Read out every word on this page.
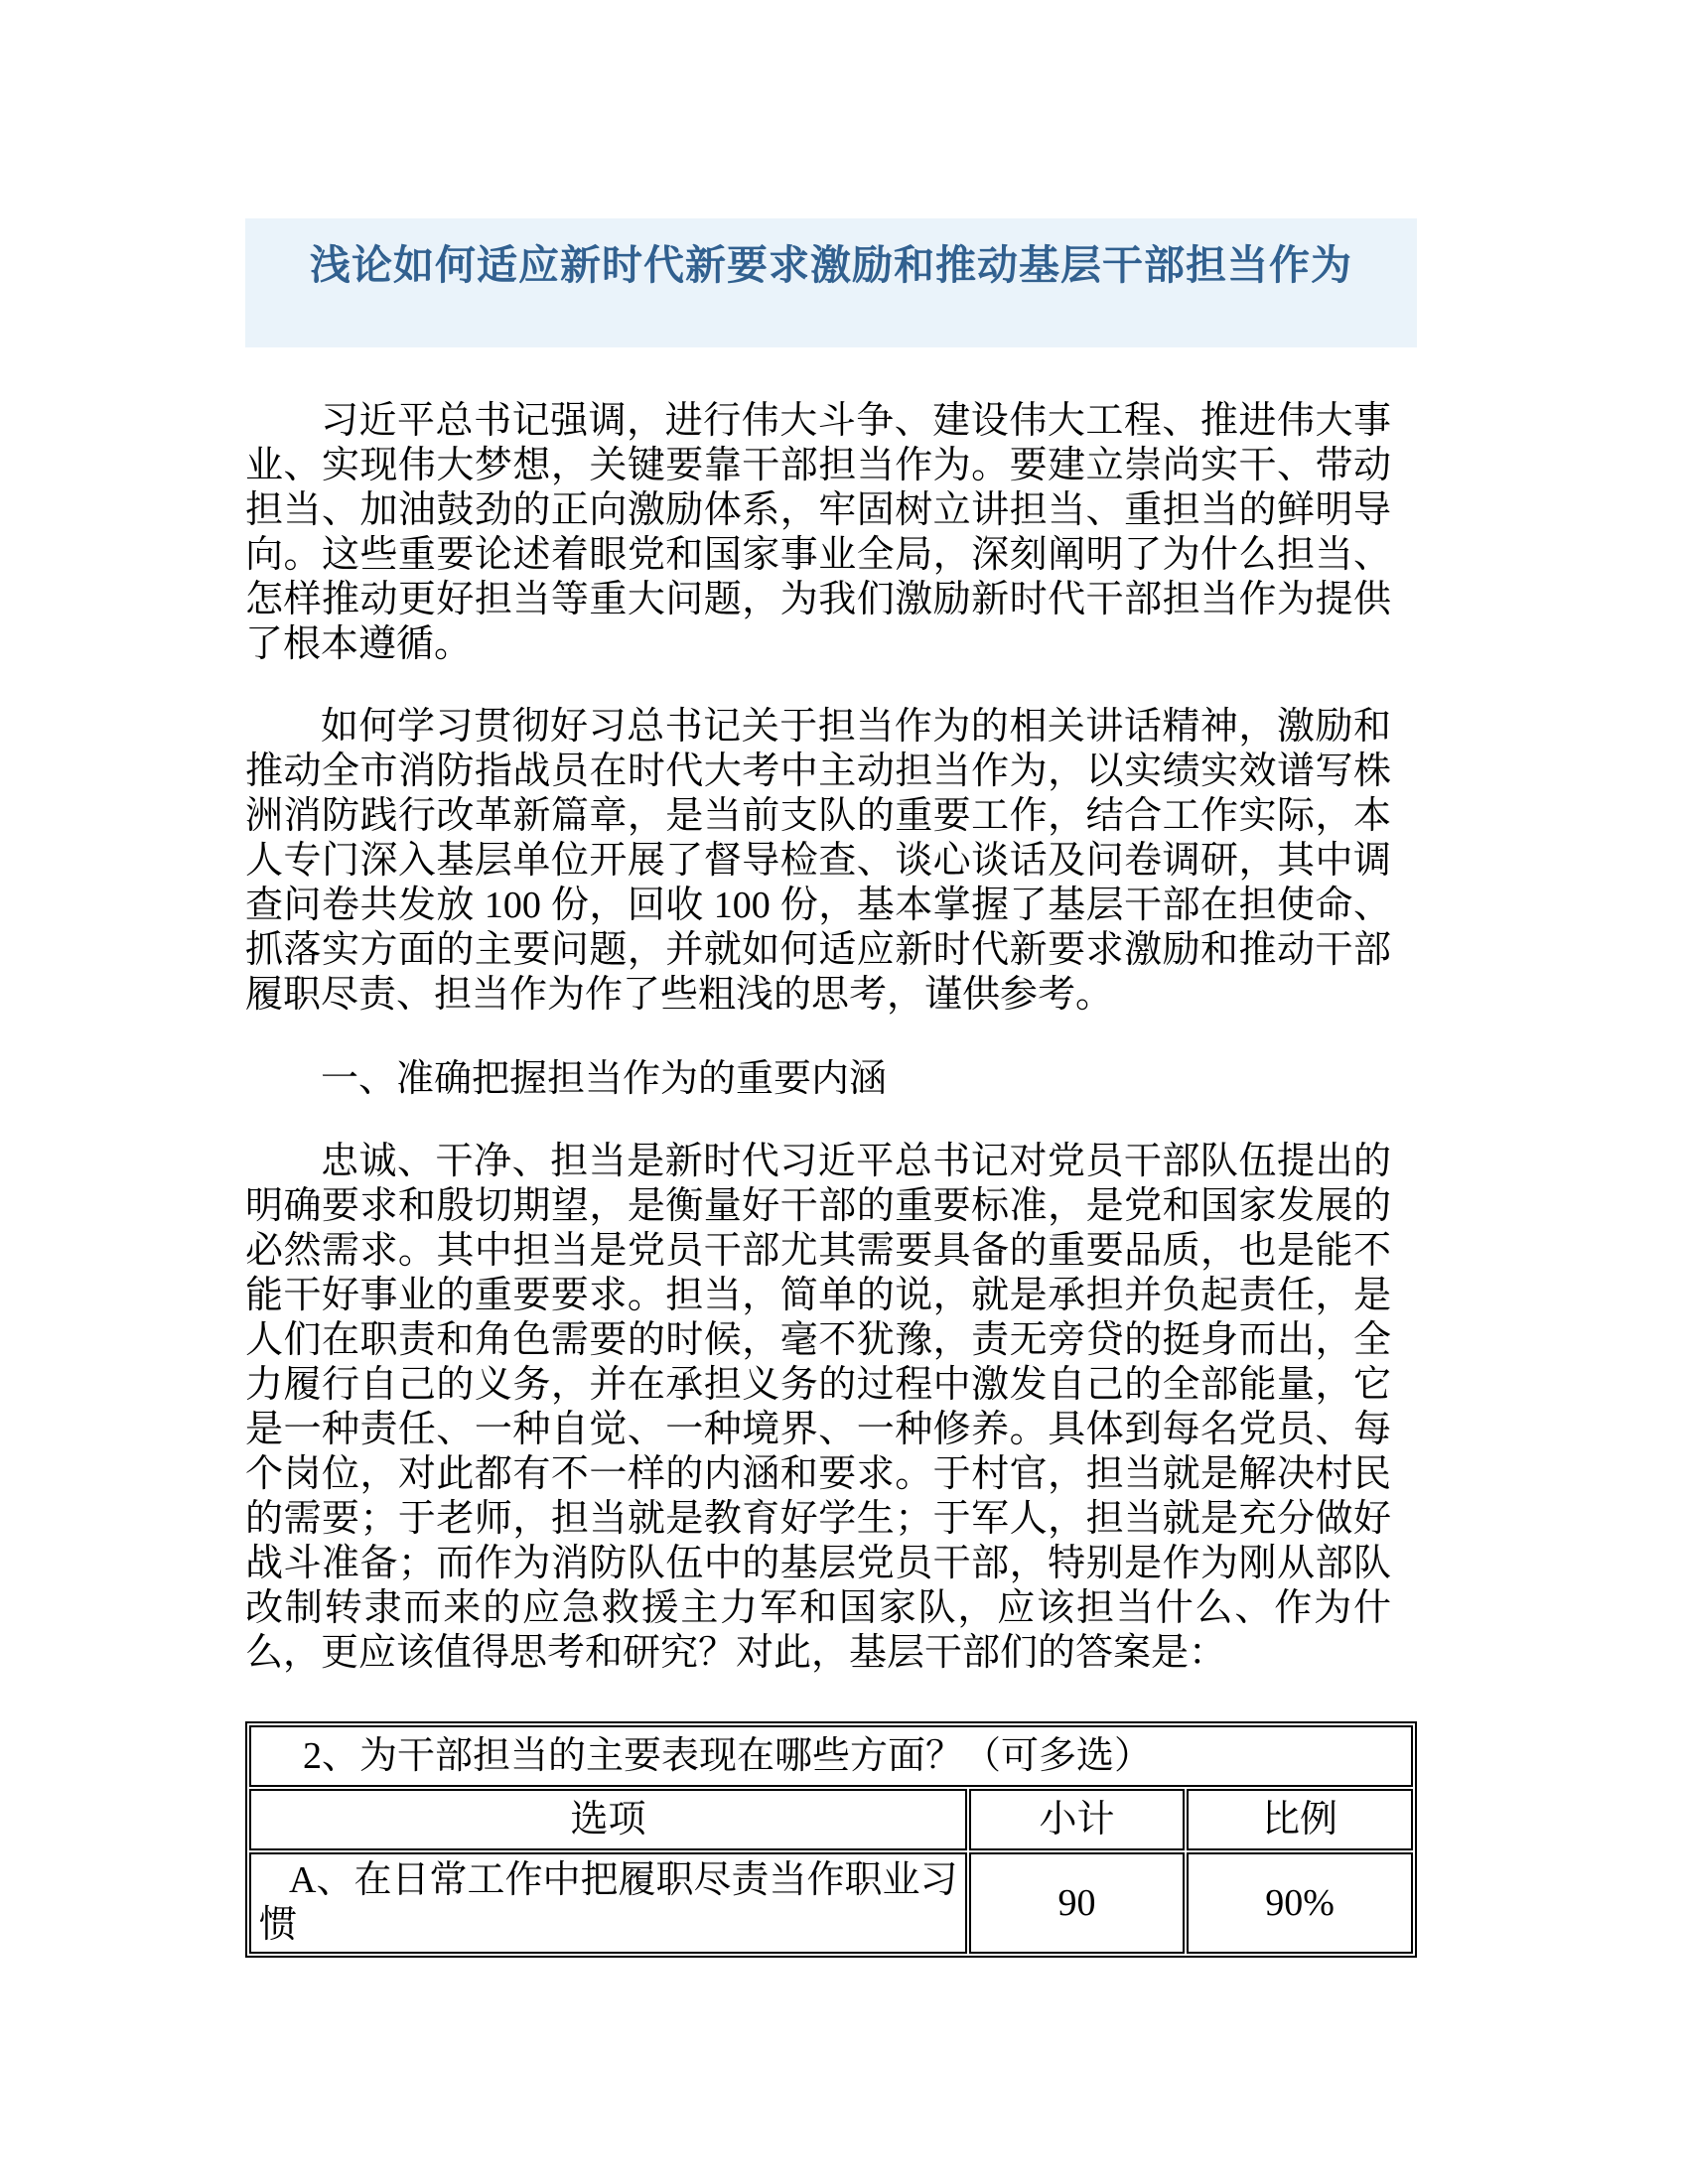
浅论如何适应新时代新要求激励和推动基层干部担当作为

习近平总书记强调，进行伟大斗争、建设伟大工程、推进伟大事业、实现伟大梦想，关键要靠干部担当作为。要建立崇尚实干、带动担当、加油鼓劲的正向激励体系，牢固树立讲担当、重担当的鲜明导向。这些重要论述着眼党和国家事业全局，深刻阐明了为什么担当、怎样推动更好担当等重大问题，为我们激励新时代干部担当作为提供了根本遵循。

如何学习贯彻好习总书记关于担当作为的相关讲话精神，激励和推动全市消防指战员在时代大考中主动担当作为，以实绩实效谱写株洲消防践行改革新篇章，是当前支队的重要工作，结合工作实际，本人专门深入基层单位开展了督导检查、谈心谈话及问卷调研，其中调查问卷共发放 100 份，回收 100 份，基本掌握了基层干部在担使命、抓落实方面的主要问题，并就如何适应新时代新要求激励和推动干部履职尽责、担当作为作了些粗浅的思考，谨供参考。

一、准确把握担当作为的重要内涵

忠诚、干净、担当是新时代习近平总书记对党员干部队伍提出的明确要求和殷切期望，是衡量好干部的重要标准，是党和国家发展的必然需求。其中担当是党员干部尤其需要具备的重要品质，也是能不能干好事业的重要要求。担当，简单的说，就是承担并负起责任，是人们在职责和角色需要的时候，毫不犹豫，责无旁贷的挺身而出，全力履行自己的义务，并在承担义务的过程中激发自己的全部能量，它是一种责任、一种自觉、一种境界、一种修养。具体到每名党员、每个岗位，对此都有不一样的内涵和要求。于村官，担当就是解决村民的需要；于老师，担当就是教育好学生；于军人，担当就是充分做好战斗准备；而作为消防队伍中的基层党员干部，特别是作为刚从部队改制转隶而来的应急救援主力军和国家队，应该担当什么、作为什么，更应该值得思考和研究？对此，基层干部们的答案是：

2、为干部担当的主要表现在哪些方面？（可多选）		
选项	小计	比例
A、在日常工作中把履职尽责当作职业习惯	90	90%
